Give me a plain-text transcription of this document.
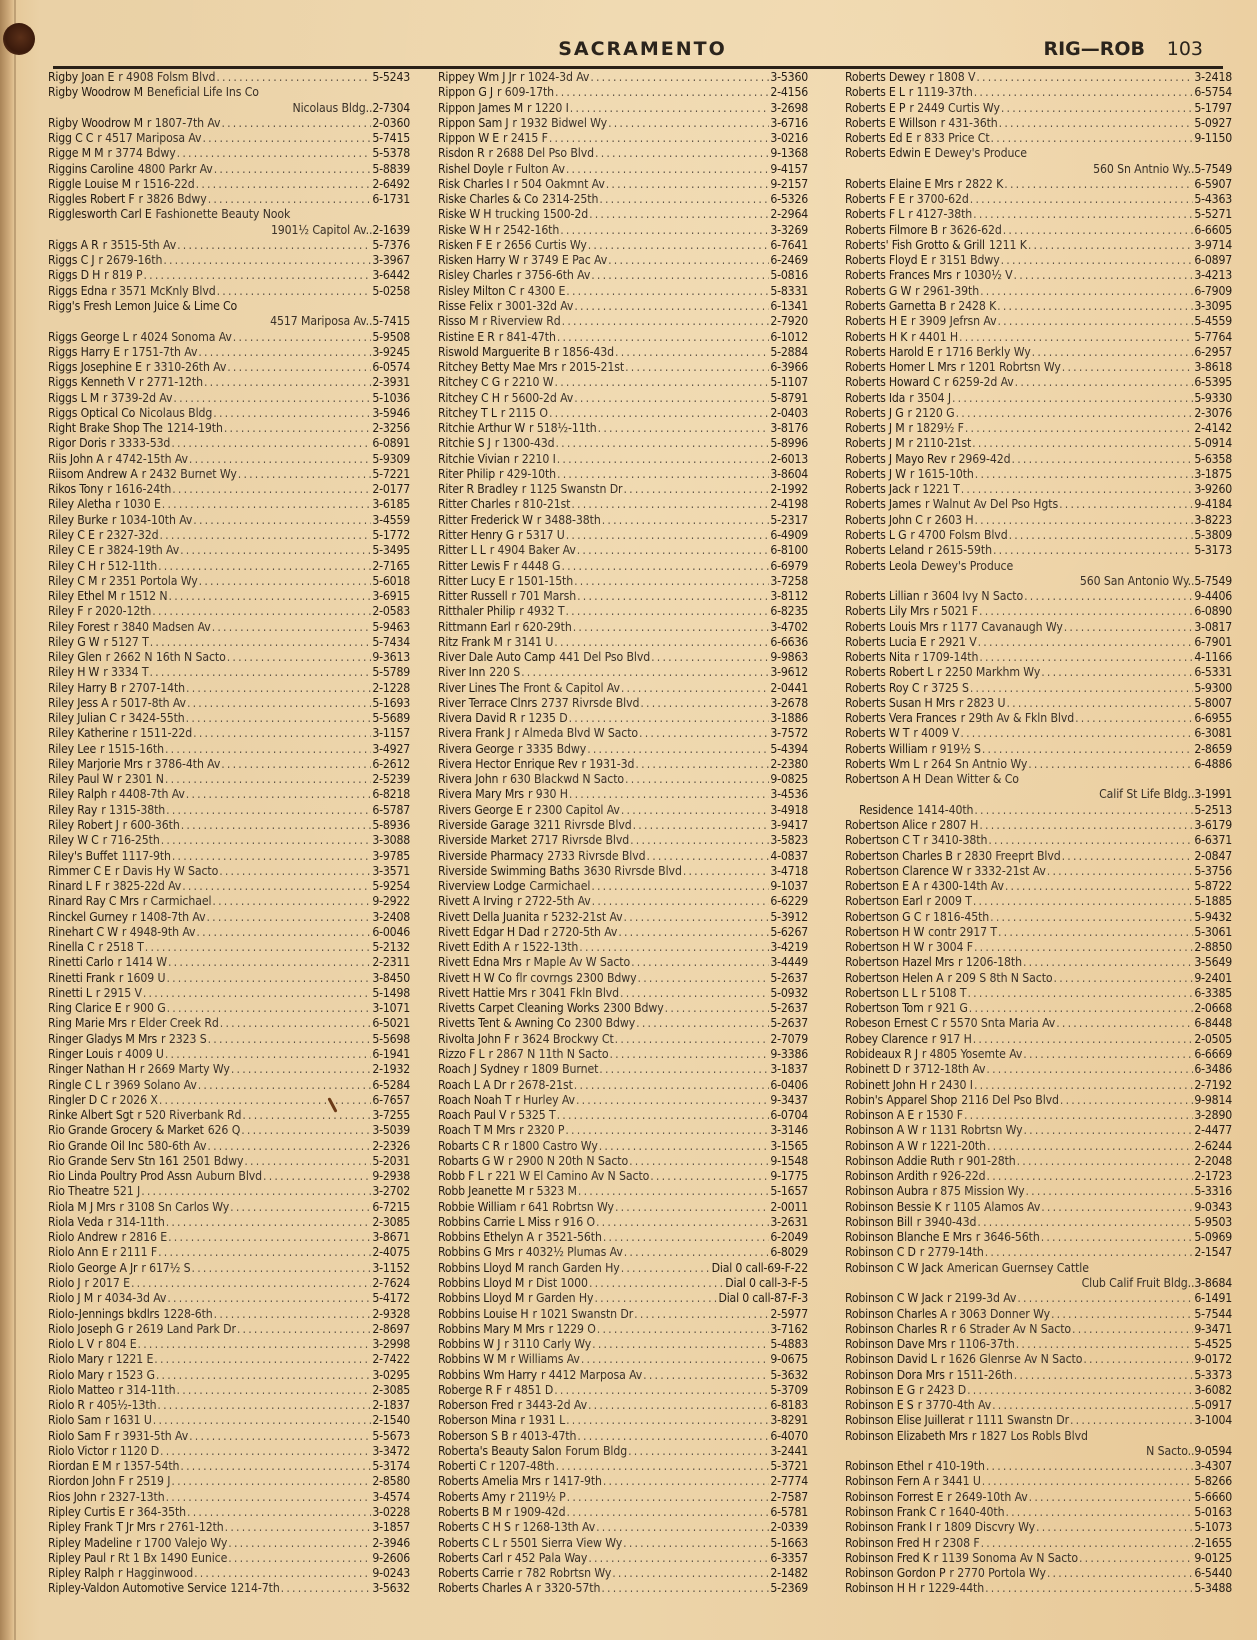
SACRAMENTO	RIG—ROB 103
Rigby Joan E r 4908 Folsm Blvd .....	5-5243
Rigby Woodrow M Beneficial Life Ins Co
Nicolaus Bldg.. 2-7304
Rigby Woodrow M r 1807-7th Av .....	2-0360
Rigg C C r 4517 Mariposa Av .....	5-7415
Rigge M M r 3774 Bdwy .....	5-5378
Riggins Caroline 4800 Parkr Av .....	5-8839
Riggle Louise M r 1516-22d .....	2-6492
Riggles Robert F r 3826 Bdwy .....	6-1731
Rigglesworth Carl E Fashionette Beauty Nook
1901½ Capitol Av.. 2-1639
Riggs A R r 3515-5th Av .....	5-7376
Riggs C J r 2679-16th .....	3-3967
Riggs D H r 819 P .....	3-6442
Riggs Edna r 3571 McKnly Blvd .....	5-0258
Rigg's Fresh Lemon Juice & Lime Co
4517 Mariposa Av.. 5-7415
Riggs George L r 4024 Sonoma Av .....	5-9508
Riggs Harry E r 1751-7th Av .....	3-9245
Riggs Josephine E r 3310-26th Av .....	6-0574
Riggs Kenneth V r 2771-12th .....	2-3931
Riggs L M r 3739-2d Av .....	5-1036
Riggs Optical Co Nicolaus Bldg .....	3-5946
Right Brake Shop The 1214-19th .....	2-3256
Rigor Doris r 3333-53d .....	6-0891
Riis John A r 4742-15th Av .....	5-9309
Riisom Andrew A r 2432 Burnet Wy .....	5-7221
Rikos Tony r 1616-24th .....	2-0177
Riley Aletha r 1030 E .....	3-6185
Riley Burke r 1034-10th Av .....	3-4559
Riley C E r 2327-32d .....	5-1772
Riley C E r 3824-19th Av .....	5-3495
Riley C H r 512-11th .....	2-7165
Riley C M r 2351 Portola Wy .....	5-6018
Riley Ethel M r 1512 N .....	3-6915
Riley F r 2020-12th .....	2-0583
Riley Forest r 3840 Madsen Av .....	5-9463
Riley G W r 5127 T .....	5-7434
Riley Glen r 2662 N 16th N Sacto .....	9-3613
Riley H W r 3334 T .....	5-5789
Riley Harry B r 2707-14th .....	2-1228
Riley Jess A r 5017-8th Av .....	5-1693
Riley Julian C r 3424-55th .....	5-5689
Riley Katherine r 1511-22d .....	3-1157
Riley Lee r 1515-16th .....	3-4927
Riley Marjorie Mrs r 3786-4th Av .....	6-2612
Riley Paul W r 2301 N .....	2-5239
Riley Ralph r 4408-7th Av .....	6-8218
Riley Ray r 1315-38th .....	6-5787
Riley Robert J r 600-36th .....	5-8936
Riley W C r 716-25th .....	3-3088
Riley's Buffet 1117-9th .....	3-9785
Rimmer C E r Davis Hy W Sacto .....	3-3571
Rinard L F r 3825-22d Av .....	5-9254
Rinard Ray C Mrs r Carmichael .....	9-2922
Rinckel Gurney r 1408-7th Av .....	3-2408
Rinehart C W r 4948-9th Av .....	6-0046
Rinella C r 2518 T .....	5-2132
Rinetti Carlo r 1414 W .....	2-2311
Rinetti Frank r 1609 U .....	3-8450
Rinetti L r 2915 V .....	5-1498
Ring Clarice E r 900 G .....	3-1071
Ring Marie Mrs r Elder Creek Rd .....	6-5021
Ringer Gladys M Mrs r 2323 S .....	5-5698
Ringer Louis r 4009 U .....	6-1941
Ringer Nathan H r 2669 Marty Wy .....	2-1932
Ringle C L r 3969 Solano Av .....	6-5284
Ringler D C r 2026 X .....	6-7657
Rinke Albert Sgt r 520 Riverbank Rd .....	3-7255
Rio Grande Grocery & Market 626 Q .....	3-5039
Rio Grande Oil Inc 580-6th Av .....	2-2326
Rio Grande Serv Stn 161 2501 Bdwy .....	5-2031
Rio Linda Poultry Prod Assn Auburn Blvd .....	9-2938
Rio Theatre 521 J .....	3-2702
Riola M J Mrs r 3108 Sn Carlos Wy .....	6-7215
Riola Veda r 314-11th .....	2-3085
Riolo Andrew r 2816 E .....	3-8671
Riolo Ann E r 2111 F .....	2-4075
Riolo George A Jr r 617½ S .....	3-1152
Riolo J r 2017 E .....	2-7624
Riolo J M r 4034-3d Av .....	5-4172
Riolo-Jennings bkdlrs 1228-6th .....	2-9328
Riolo Joseph G r 2619 Land Park Dr .....	2-8697
Riolo L V r 804 E .....	3-2998
Riolo Mary r 1221 E .....	2-7422
Riolo Mary r 1523 G .....	3-0295
Riolo Matteo r 314-11th .....	2-3085
Riolo R r 405½-13th .....	2-1837
Riolo Sam r 1631 U .....	2-1540
Riolo Sam F r 3931-5th Av .....	5-5673
Riolo Victor r 1120 D .....	3-3472
Riordan E M r 1357-54th .....	5-3174
Riordon John F r 2519 J .....	2-8580
Rios John r 2327-13th .....	3-4574
Ripley Curtis E r 364-35th .....	3-0228
Ripley Frank T Jr Mrs r 2761-12th .....	3-1857
Ripley Madeline r 1700 Valejo Wy .....	2-3946
Ripley Paul r Rt 1 Bx 1490 Eunice .....	9-2606
Ripley Ralph r Hagginwood .....	9-0243
Ripley-Valdon Automotive Service 1214-7th .....	3-5632
Rippey Wm J Jr r 1024-3d Av .....	3-5360
Rippon G J r 609-17th .....	2-4156
Rippon James M r 1220 I .....	3-2698
Rippon Sam J r 1932 Bidwel Wy .....	3-6716
Rippon W E r 2415 F .....	3-0216
Risdon R r 2688 Del Pso Blvd .....	9-1368
Rishel Doyle r Fulton Av .....	9-4157
Risk Charles I r 504 Oakmnt Av .....	9-2157
Riske Charles & Co 2314-25th .....	6-5326
Riske W H trucking 1500-2d .....	2-2964
Riske W H r 2542-16th .....	3-3269
Risken F E r 2656 Curtis Wy .....	6-7641
Risken Harry W r 3749 E Pac Av .....	6-2469
Risley Charles r 3756-6th Av .....	5-0816
Risley Milton C r 4300 E .....	5-8331
Risse Felix r 3001-32d Av .....	6-1341
Risso M r Riverview Rd .....	2-7920
Ristine E R r 841-47th .....	6-1012
Riswold Marguerite B r 1856-43d .....	5-2884
Ritchey Betty Mae Mrs r 2015-21st .....	6-3966
Ritchey C G r 2210 W .....	5-1107
Ritchey C H r 5600-2d Av .....	5-8791
Ritchey T L r 2115 O .....	2-0403
Ritchie Arthur W r 518½-11th .....	3-8176
Ritchie S J r 1300-43d .....	5-8996
Ritchie Vivian r 2210 I .....	2-6013
Riter Philip r 429-10th .....	3-8604
Riter R Bradley r 1125 Swanstn Dr .....	2-1992
Ritter Charles r 810-21st .....	2-4198
Ritter Frederick W r 3488-38th .....	5-2317
Ritter Henry G r 5317 U .....	6-4909
Ritter L L r 4904 Baker Av .....	6-8100
Ritter Lewis F r 4448 G .....	6-6979
Ritter Lucy E r 1501-15th .....	3-7258
Ritter Russell r 701 Marsh .....	3-8112
Ritthaler Philip r 4932 T .....	6-8235
Rittmann Earl r 620-29th .....	3-4702
Ritz Frank M r 3141 U .....	6-6636
River Dale Auto Camp 441 Del Pso Blvd .....	9-9863
River Inn 220 S .....	3-9612
River Lines The Front & Capitol Av .....	2-0441
River Terrace Clnrs 2737 Rivrsde Blvd .....	3-2678
Rivera David R r 1235 D .....	3-1886
Rivera Frank J r Almeda Blvd W Sacto .....	3-7572
Rivera George r 3335 Bdwy .....	5-4394
Rivera Hector Enrique Rev r 1931-3d .....	2-2380
Rivera John r 630 Blackwd N Sacto .....	9-0825
Rivera Mary Mrs r 930 H .....	3-4536
Rivers George E r 2300 Capitol Av .....	3-4918
Riverside Garage 3211 Rivrsde Blvd .....	3-9417
Riverside Market 2717 Rivrsde Blvd .....	3-5823
Riverside Pharmacy 2733 Rivrsde Blvd .....	4-0837
Riverside Swimming Baths 3630 Rivrsde Blvd .....	3-4718
Riverview Lodge Carmichael .....	9-1037
Rivett A Irving r 2722-5th Av .....	6-6229
Rivett Della Juanita r 5232-21st Av .....	5-3912
Rivett Edgar H Dad r 2720-5th Av .....	5-6267
Rivett Edith A r 1522-13th .....	3-4219
Rivett Edna Mrs r Maple Av W Sacto .....	3-4449
Rivett H W Co flr covrngs 2300 Bdwy .....	5-2637
Rivett Hattie Mrs r 3041 Fkln Blvd .....	5-0932
Rivetts Carpet Cleaning Works 2300 Bdwy .....	5-2637
Rivetts Tent & Awning Co 2300 Bdwy .....	5-2637
Rivolta John F r 3624 Brockwy Ct .....	2-7079
Rizzo F L r 2867 N 11th N Sacto .....	9-3386
Roach J Sydney r 1809 Burnet .....	3-1837
Roach L A Dr r 2678-21st .....	6-0406
Roach Noah T r Hurley Av .....	9-3437
Roach Paul V r 5325 T .....	6-0704
Roach T M Mrs r 2320 P .....	3-3146
Robarts C R r 1800 Castro Wy .....	3-1565
Robarts G W r 2900 N 20th N Sacto .....	9-1548
Robb F L r 221 W El Camino Av N Sacto .....	9-1775
Robb Jeanette M r 5323 M .....	5-1657
Robbie William r 641 Robrtsn Wy .....	2-0011
Robbins Carrie L Miss r 916 O .....	3-2631
Robbins Ethelyn A r 3521-56th .....	6-2049
Robbins G Mrs r 4032½ Plumas Av .....	6-8029
Robbins Lloyd M ranch Garden Hy .....	Dial 0 call-69-F-22
Robbins Lloyd M r Dist 1000 .....	Dial 0 call-3-F-5
Robbins Lloyd M r Garden Hy .....	Dial 0 call-87-F-3
Robbins Louise H r 1021 Swanstn Dr .....	2-5977
Robbins Mary M Mrs r 1229 O .....	3-7162
Robbins W J r 3110 Carly Wy .....	5-4883
Robbins W M r Williams Av .....	9-0675
Robbins Wm Harry r 4412 Marposa Av .....	5-3632
Roberge R F r 4851 D .....	5-3709
Roberson Fred r 3443-2d Av .....	6-8183
Roberson Mina r 1931 L .....	3-8291
Roberson S B r 4013-47th .....	6-4070
Roberta's Beauty Salon Forum Bldg .....	3-2441
Roberti C r 1207-48th .....	5-3721
Roberts Amelia Mrs r 1417-9th .....	2-7774
Roberts Amy r 2119½ P .....	2-7587
Roberts B M r 1909-42d .....	6-5781
Roberts C H S r 1268-13th Av .....	2-0339
Roberts C L r 5501 Sierra View Wy .....	5-1663
Roberts Carl r 452 Pala Way .....	6-3357
Roberts Carrie r 782 Robrtsn Wy .....	2-1482
Roberts Charles A r 3320-57th .....	5-2369
Roberts Dewey r 1808 V .....	3-2418
Roberts E L r 1119-37th .....	6-5754
Roberts E P r 2449 Curtis Wy .....	5-1797
Roberts E Willson r 431-36th .....	5-0927
Roberts Ed E r 833 Price Ct .....	9-1150
Roberts Edwin E Dewey's Produce
560 Sn Antnio Wy.. 5-7549
Roberts Elaine E Mrs r 2822 K .....	6-5907
Roberts F E r 3700-62d .....	5-4363
Roberts F L r 4127-38th .....	5-5271
Roberts Filmore B r 3626-62d .....	6-6605
Roberts' Fish Grotto & Grill 1211 K .....	3-9714
Roberts Floyd E r 3151 Bdwy .....	6-0897
Roberts Frances Mrs r 1030½ V .....	3-4213
Roberts G W r 2961-39th .....	6-7909
Roberts Garnetta B r 2428 K .....	3-3095
Roberts H E r 3909 Jefrsn Av .....	5-4559
Roberts H K r 4401 H .....	5-7764
Roberts Harold E r 1716 Berkly Wy .....	6-2957
Roberts Homer L Mrs r 1201 Robrtsn Wy .....	3-8618
Roberts Howard C r 6259-2d Av .....	6-5395
Roberts Ida r 3504 J .....	5-9330
Roberts J G r 2120 G .....	2-3076
Roberts J M r 1829½ F .....	2-4142
Roberts J M r 2110-21st .....	5-0914
Roberts J Mayo Rev r 2969-42d .....	5-6358
Roberts J W r 1615-10th .....	3-1875
Roberts Jack r 1221 T .....	3-9260
Roberts James r Walnut Av Del Pso Hgts .....	9-4184
Roberts John C r 2603 H .....	3-8223
Roberts L G r 4700 Folsm Blvd .....	5-3809
Roberts Leland r 2615-59th .....	5-3173
Roberts Leola Dewey's Produce
560 San Antonio Wy.. 5-7549
Roberts Lillian r 3604 Ivy N Sacto .....	9-4406
Roberts Lily Mrs r 5021 F .....	6-0890
Roberts Louis Mrs r 1177 Cavanaugh Wy .....	3-0817
Roberts Lucia E r 2921 V .....	6-7901
Roberts Nita r 1709-14th .....	4-1166
Roberts Robert L r 2250 Markhm Wy .....	6-5331
Roberts Roy C r 3725 S .....	5-9300
Roberts Susan H Mrs r 2823 U .....	5-8007
Roberts Vera Frances r 29th Av & Fkln Blvd .....	6-6955
Roberts W T r 4009 V .....	6-3081
Roberts William r 919½ S .....	2-8659
Roberts Wm L r 264 Sn Antnio Wy .....	6-4886
Robertson A H Dean Witter & Co
Calif St Life Bldg.. 3-1991
Residence 1414-40th .....	5-2513
Robertson Alice r 2807 H .....	3-6179
Robertson C T r 3410-38th .....	6-6371
Robertson Charles B r 2830 Freeprt Blvd .....	2-0847
Robertson Clarence W r 3332-21st Av .....	5-3756
Robertson E A r 4300-14th Av .....	5-8722
Robertson Earl r 2009 T .....	5-1885
Robertson G C r 1816-45th .....	5-9432
Robertson H W contr 2917 T .....	5-3061
Robertson H W r 3004 F .....	2-8850
Robertson Hazel Mrs r 1206-18th .....	3-5649
Robertson Helen A r 209 S 8th N Sacto .....	9-2401
Robertson L L r 5108 T .....	6-3385
Robertson Tom r 921 G .....	2-0668
Robeson Ernest C r 5570 Snta Maria Av .....	6-8448
Robey Clarence r 917 H .....	2-0505
Robideaux R J r 4805 Yosemte Av .....	6-6669
Robinett D r 3712-18th Av .....	6-3486
Robinett John H r 2430 I .....	2-7192
Robin's Apparel Shop 2116 Del Pso Blvd .....	9-9814
Robinson A E r 1530 F .....	3-2890
Robinson A W r 1131 Robrtsn Wy .....	2-4477
Robinson A W r 1221-20th .....	2-6244
Robinson Addie Ruth r 901-28th .....	2-2048
Robinson Ardith r 926-22d .....	2-1723
Robinson Aubra r 875 Mission Wy .....	5-3316
Robinson Bessie K r 1105 Alamos Av .....	9-0343
Robinson Bill r 3940-43d .....	5-9503
Robinson Blanche E Mrs r 3646-56th .....	5-0969
Robinson C D r 2779-14th .....	2-1547
Robinson C W Jack American Guernsey Cattle
Club Calif Fruit Bldg.. 3-8684
Robinson C W Jack r 2199-3d Av .....	6-1491
Robinson Charles A r 3063 Donner Wy .....	5-7544
Robinson Charles R r 6 Strader Av N Sacto .....	9-3471
Robinson Dave Mrs r 1106-37th .....	5-4525
Robinson David L r 1626 Glenrse Av N Sacto .....	9-0172
Robinson Dora Mrs r 1511-26th .....	5-3373
Robinson E G r 2423 D .....	3-6082
Robinson E S r 3770-4th Av .....	5-0917
Robinson Elise Juillerat r 1111 Swanstn Dr .....	3-1004
Robinson Elizabeth Mrs r 1827 Los Robls Blvd
N Sacto.. 9-0594
Robinson Ethel r 410-19th .....	3-4307
Robinson Fern A r 3441 U .....	5-8266
Robinson Forrest E r 2649-10th Av .....	5-6660
Robinson Frank C r 1640-40th .....	5-0163
Robinson Frank I r 1809 Discvry Wy .....	5-1073
Robinson Fred H r 2308 F .....	2-1655
Robinson Fred K r 1139 Sonoma Av N Sacto .....	9-0125
Robinson Gordon P r 2770 Portola Wy .....	6-5440
Robinson H H r 1229-44th .....	5-3488
